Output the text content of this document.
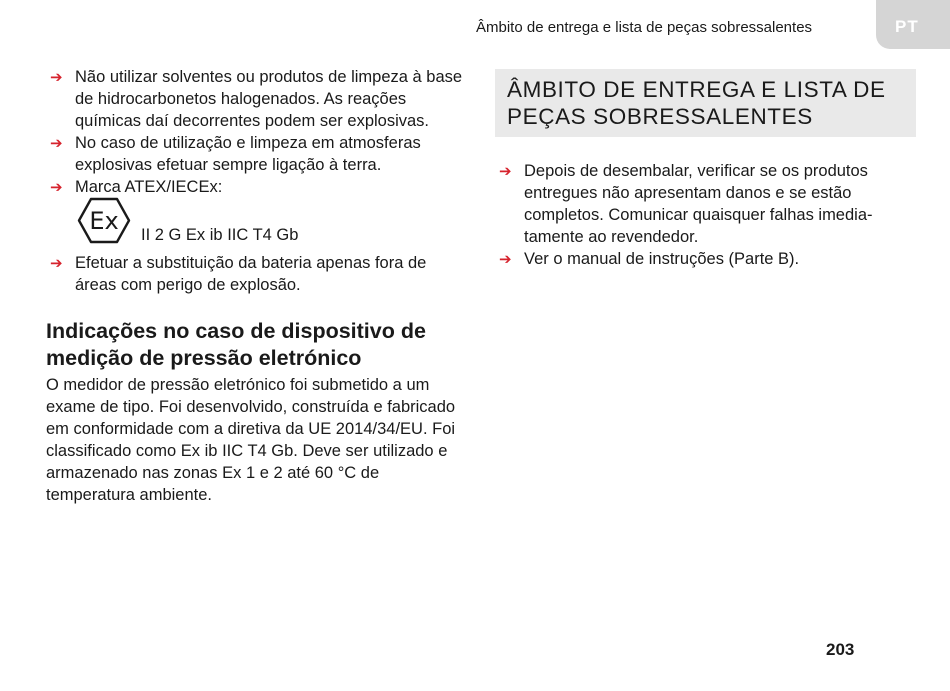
Âmbito de entrega e lista de peças sobressalentes	PT
➔ Não utilizar solventes ou produtos de limpeza à base de hidrocarbonetos halogenados. As reações químicas daí decorrentes podem ser explosivas.
➔ No caso de utilização e limpeza em atmosferas explosivas efetuar sempre ligação à terra.
➔ Marca ATEX/IECEx:
Ex II 2 G Ex ib IIC T4 Gb
➔ Efetuar a substituição da bateria apenas fora de áreas com perigo de explosão.
Indicações no caso de dispositivo de medição de pressão eletrónico

O medidor de pressão eletrónico foi submetido a um exame de tipo. Foi desenvolvido, construída e fabricado em conformidade com a diretiva da UE 2014/34/EU. Foi classificado como Ex ib IIC T4 Gb. Deve ser utilizado e armazenado nas zonas Ex 1 e 2 até 60 °C de temperatura ambiente.

ÂMBITO DE ENTREGA E LISTA DE PEÇAS SOBRESSALENTES
➔ Depois de desembalar, verificar se os produtos entregues não apresentam danos e se estão completos. Comunicar quaisquer falhas imediatamente ao revendedor.
➔ Ver o manual de instruções (Parte B).
203
